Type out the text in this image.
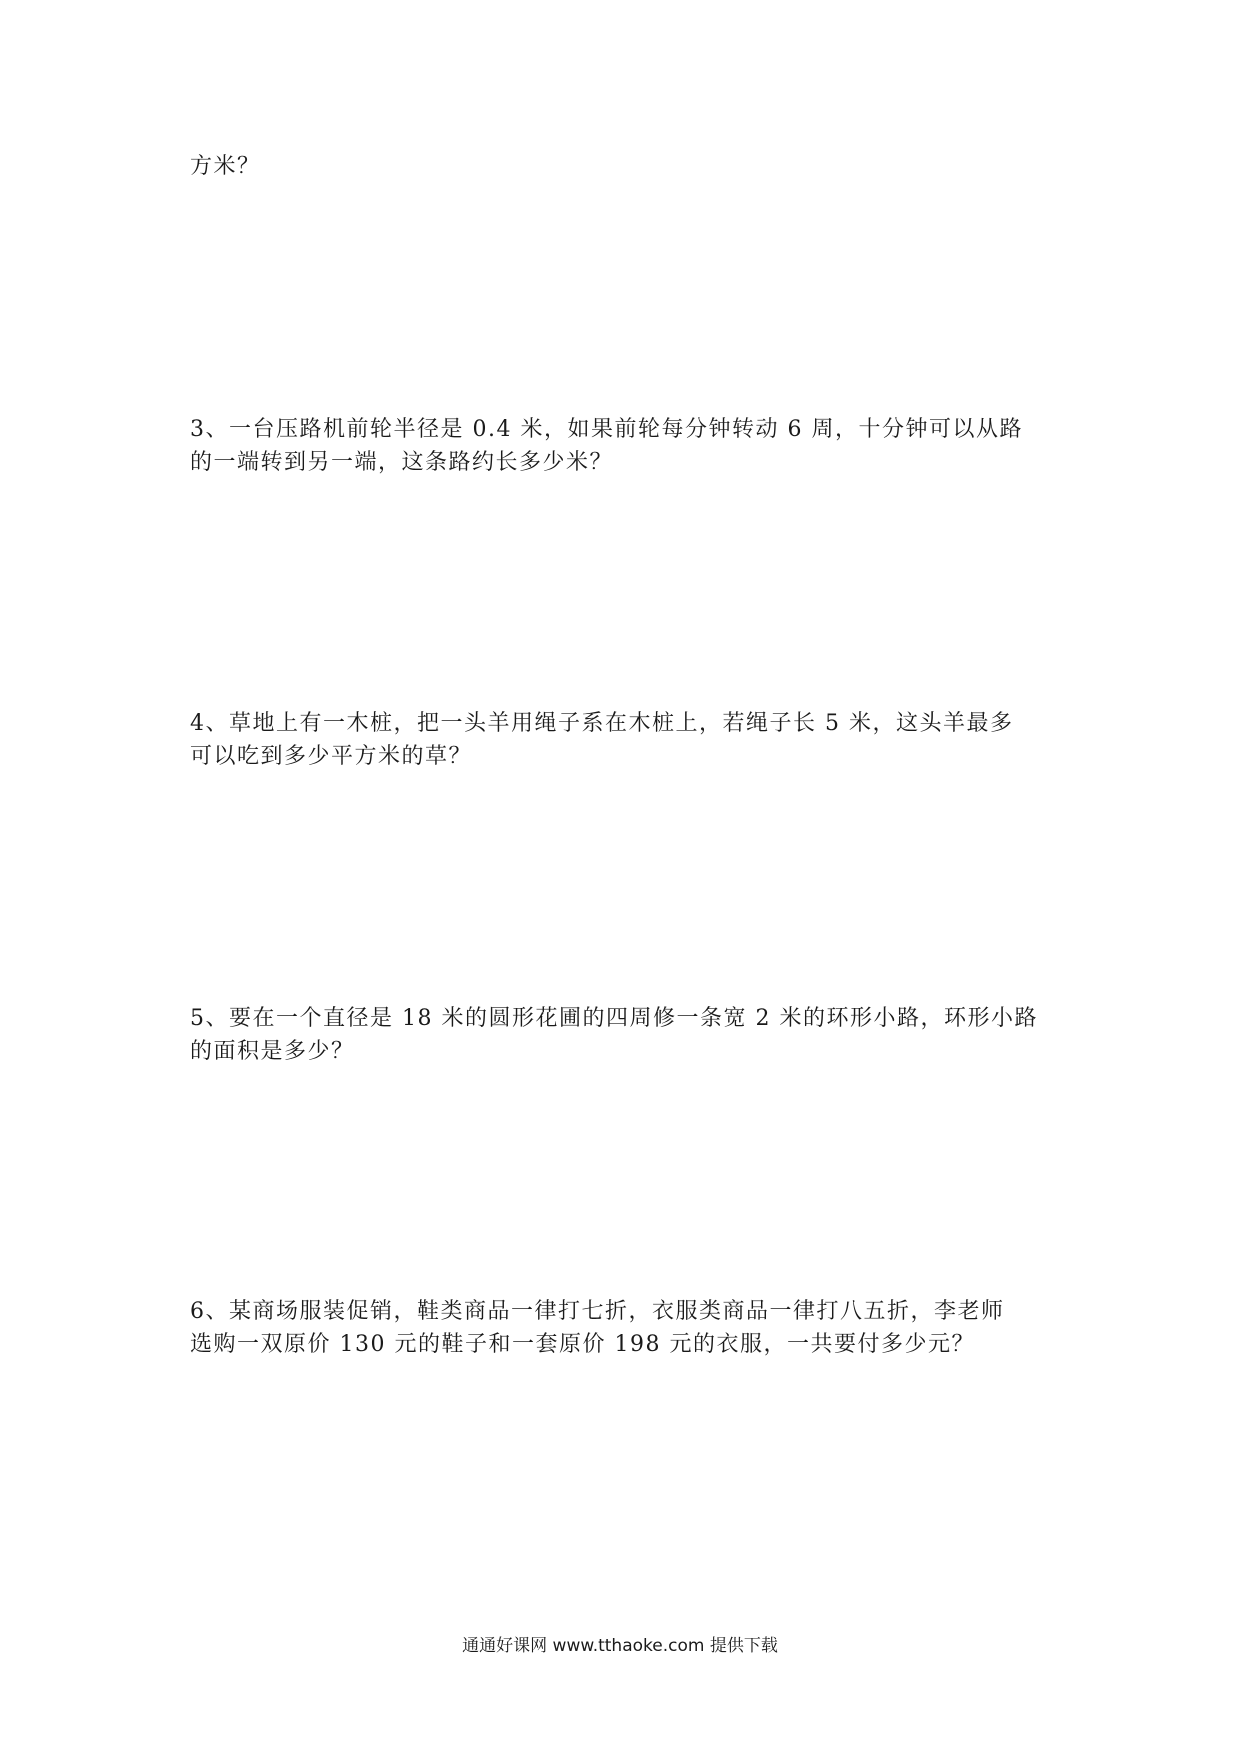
方米？
3、一台压路机前轮半径是 0.4 米，如果前轮每分钟转动 6 周，十分钟可以从路
的一端转到另一端，这条路约长多少米？
4、草地上有一木桩，把一头羊用绳子系在木桩上，若绳子长 5 米，这头羊最多
可以吃到多少平方米的草？
5、要在一个直径是 18 米的圆形花圃的四周修一条宽 2 米的环形小路，环形小路
的面积是多少？
6、某商场服装促销，鞋类商品一律打七折，衣服类商品一律打八五折，李老师
选购一双原价 130 元的鞋子和一套原价 198 元的衣服，一共要付多少元？
通通好课网 www.tthaoke.com 提供下载
